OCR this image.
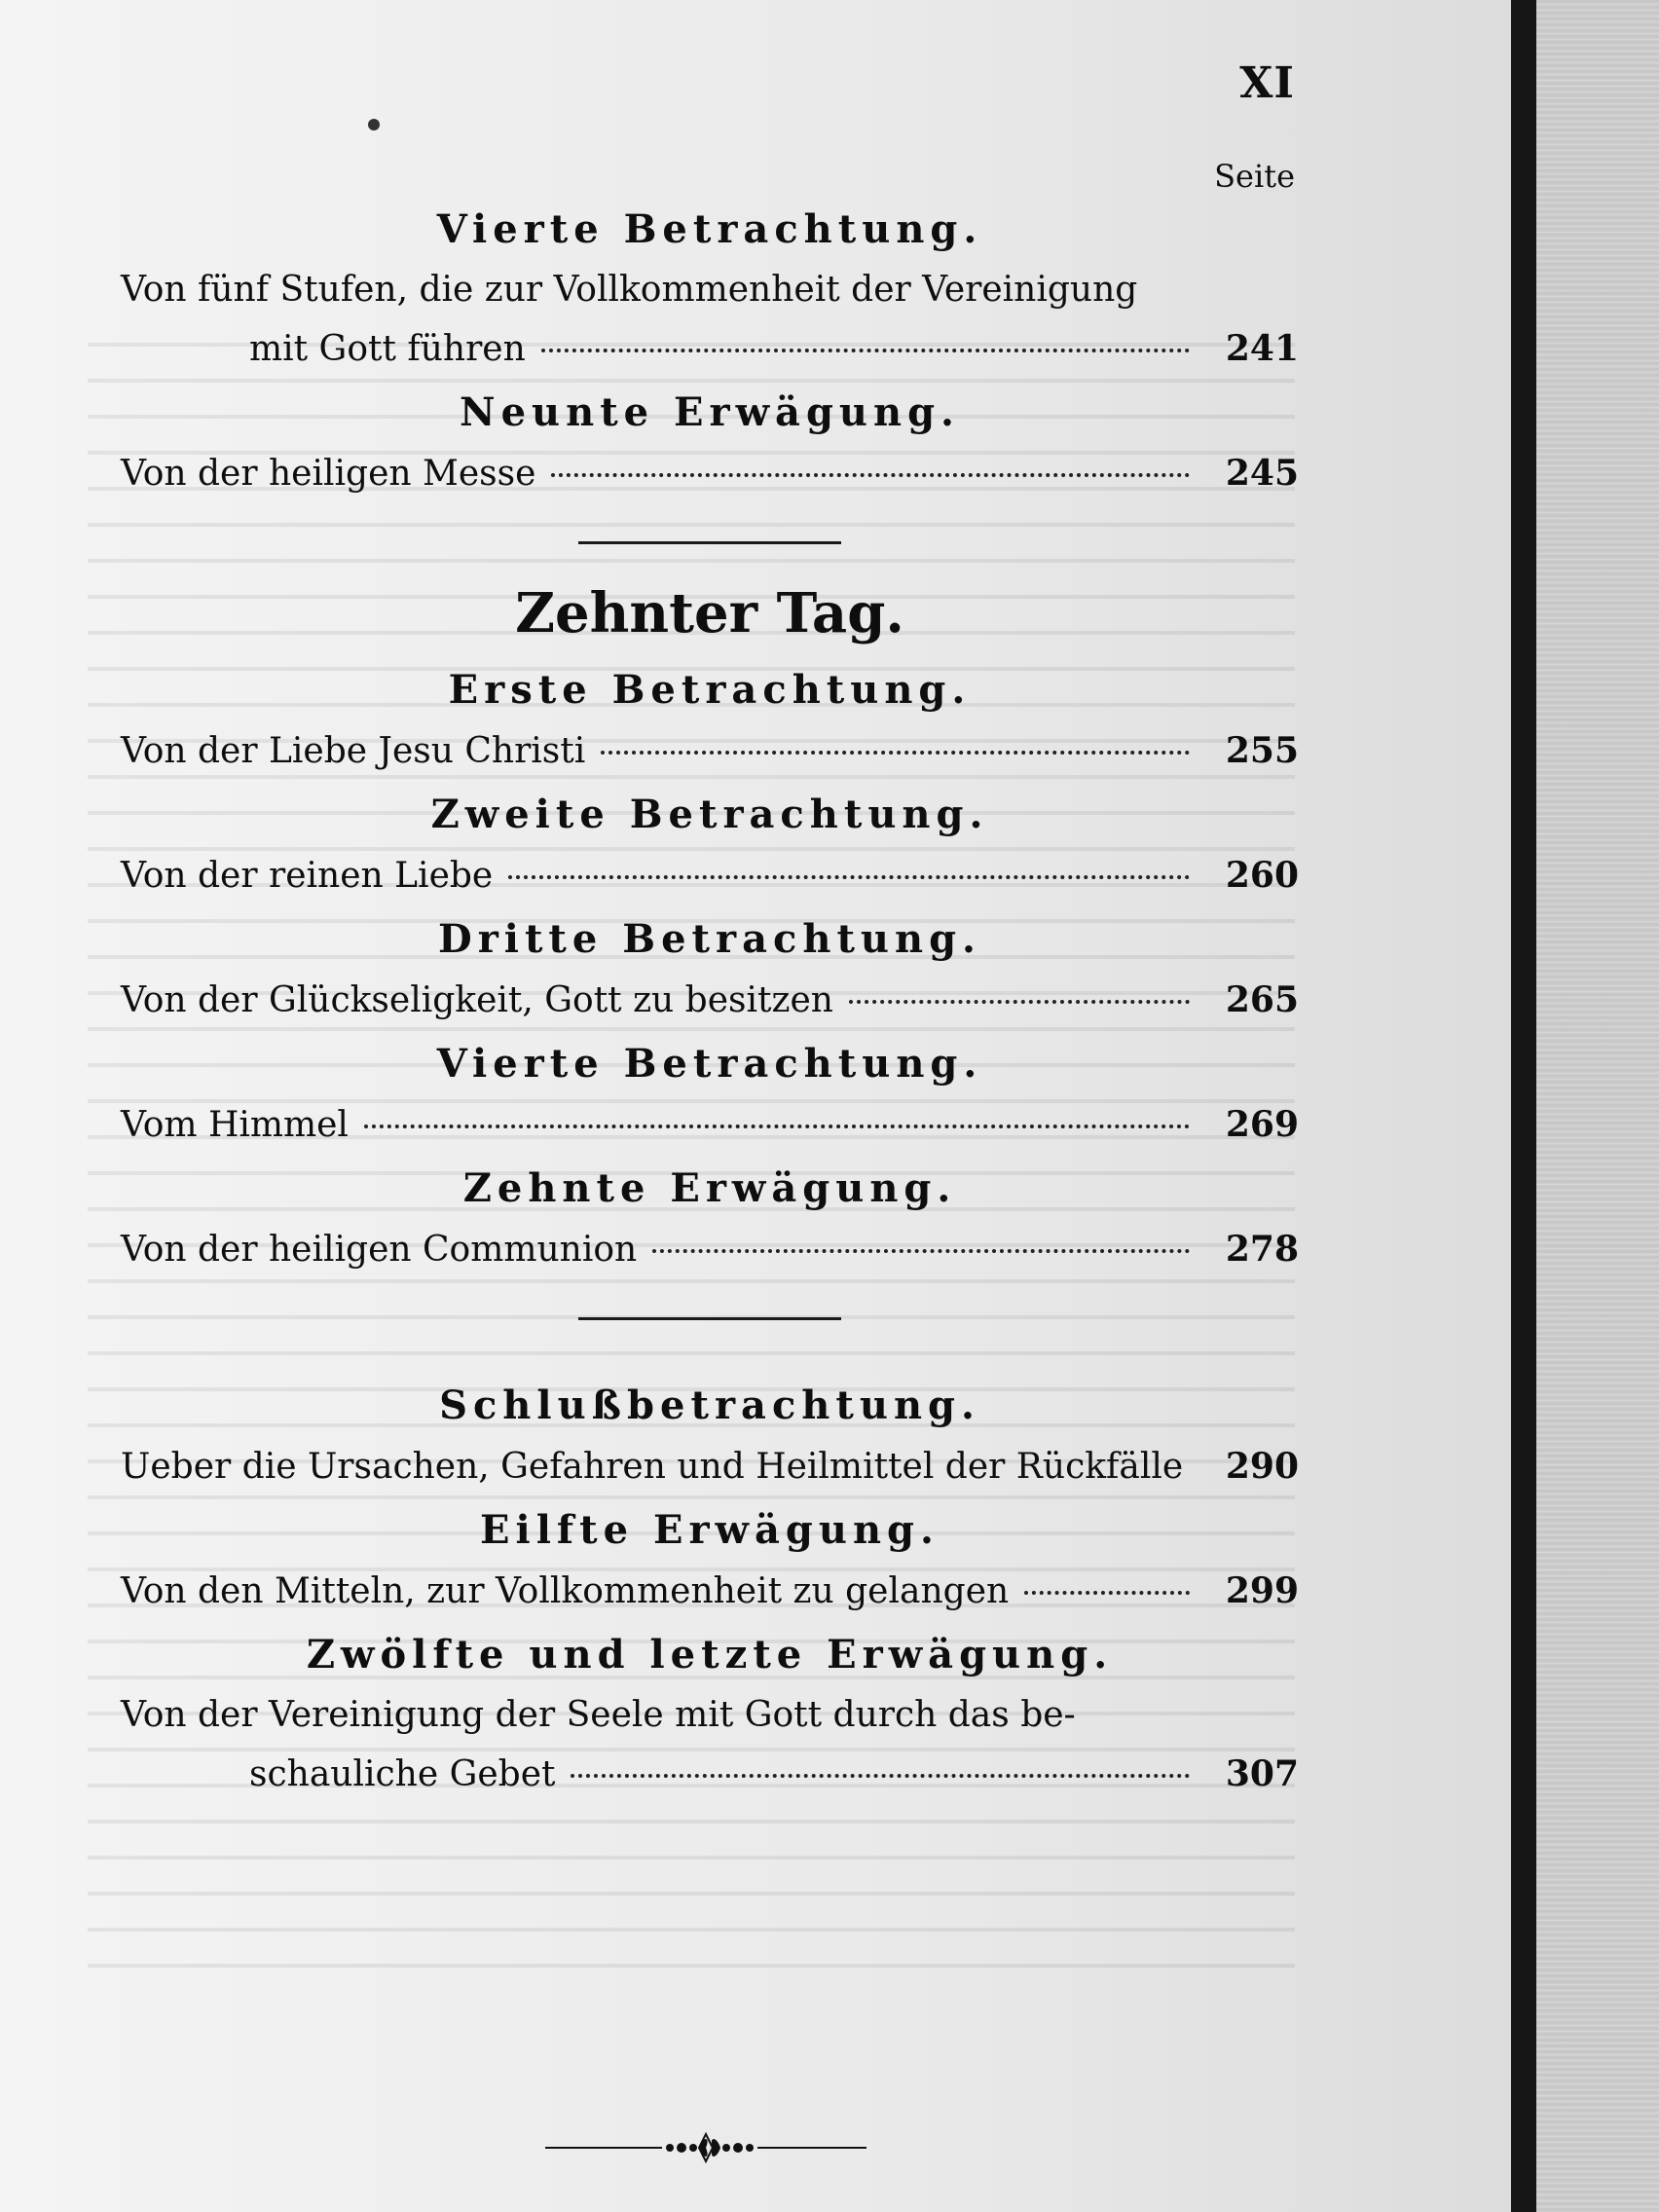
XI
Seite
Vierte Betrachtung.
Von fünf Stufen, die zur Vollkommenheit der Vereinigung
mit Gott führen	241
Neunte Erwägung.
Von der heiligen Messe	245
Zehnter Tag.
Erste Betrachtung.
Von der Liebe Jesu Christi	255
Zweite Betrachtung.
Von der reinen Liebe	260
Dritte Betrachtung.
Von der Glückseligkeit, Gott zu besitzen	265
Vierte Betrachtung.
Vom Himmel	269
Zehnte Erwägung.
Von der heiligen Communion	278
Schlußbetrachtung.
Ueber die Ursachen, Gefahren und Heilmittel der Rückfälle	290
Eilfte Erwägung.
Von den Mitteln, zur Vollkommenheit zu gelangen	299
Zwölfte und letzte Erwägung.
Von der Vereinigung der Seele mit Gott durch das be-
schauliche Gebet	307
